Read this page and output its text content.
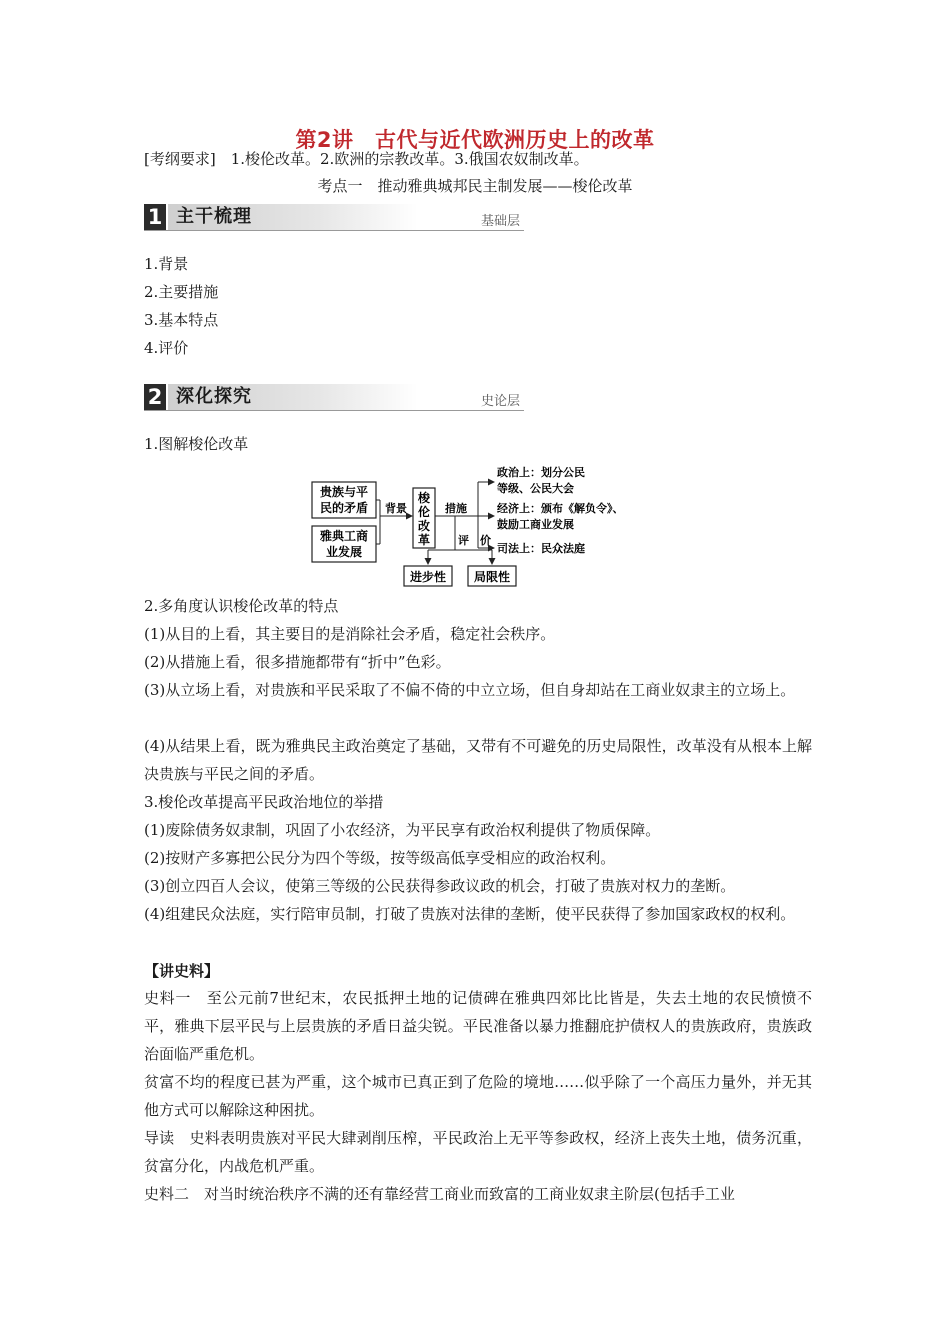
第2讲　古代与近代欧洲历史上的改革
[考纲要求]　1.梭伦改革。2.欧洲的宗教改革。3.俄国农奴制改革。
考点一　推动雅典城邦民主制发展——梭伦改革
1 主干梳理	基础层
1.背景
2.主要措施
3.基本特点
4.评价
2 深化探究	史论层
1.图解梭伦改革
贵族与平
民的矛盾
雅典工商
业发展
背景
梭
伦
改
革
措施
政治上：划分公民
等级、公民大会
经济上：颁布《解负令》、
鼓励工商业发展
司法上：民众法庭
评　价
进步性 局限性
2.多角度认识梭伦改革的特点
(1)从目的上看，其主要目的是消除社会矛盾，稳定社会秩序。
(2)从措施上看，很多措施都带有“折中”色彩。
(3)从立场上看，对贵族和平民采取了不偏不倚的中立立场，但自身却站在工商业奴隶主的立场上。
(4)从结果上看，既为雅典民主政治奠定了基础，又带有不可避免的历史局限性，改革没有从根本上解决贵族与平民之间的矛盾。
3.梭伦改革提高平民政治地位的举措
(1)废除债务奴隶制，巩固了小农经济，为平民享有政治权利提供了物质保障。
(2)按财产多寡把公民分为四个等级，按等级高低享受相应的政治权利。
(3)创立四百人会议，使第三等级的公民获得参政议政的机会，打破了贵族对权力的垄断。
(4)组建民众法庭，实行陪审员制，打破了贵族对法律的垄断，使平民获得了参加国家政权的权利。
【讲史料】
史料一　至公元前7世纪末，农民抵押土地的记债碑在雅典四郊比比皆是，失去土地的农民愤愤不平，雅典下层平民与上层贵族的矛盾日益尖锐。平民准备以暴力推翻庇护债权人的贵族政府，贵族政治面临严重危机。
贫富不均的程度已甚为严重，这个城市已真正到了危险的境地……似乎除了一个高压力量外，并无其他方式可以解除这种困扰。
导读　史料表明贵族对平民大肆剥削压榨，平民政治上无平等参政权，经济上丧失土地，债务沉重，贫富分化，内战危机严重。
史料二　对当时统治秩序不满的还有靠经营工商业而致富的工商业奴隶主阶层(包括手工业
